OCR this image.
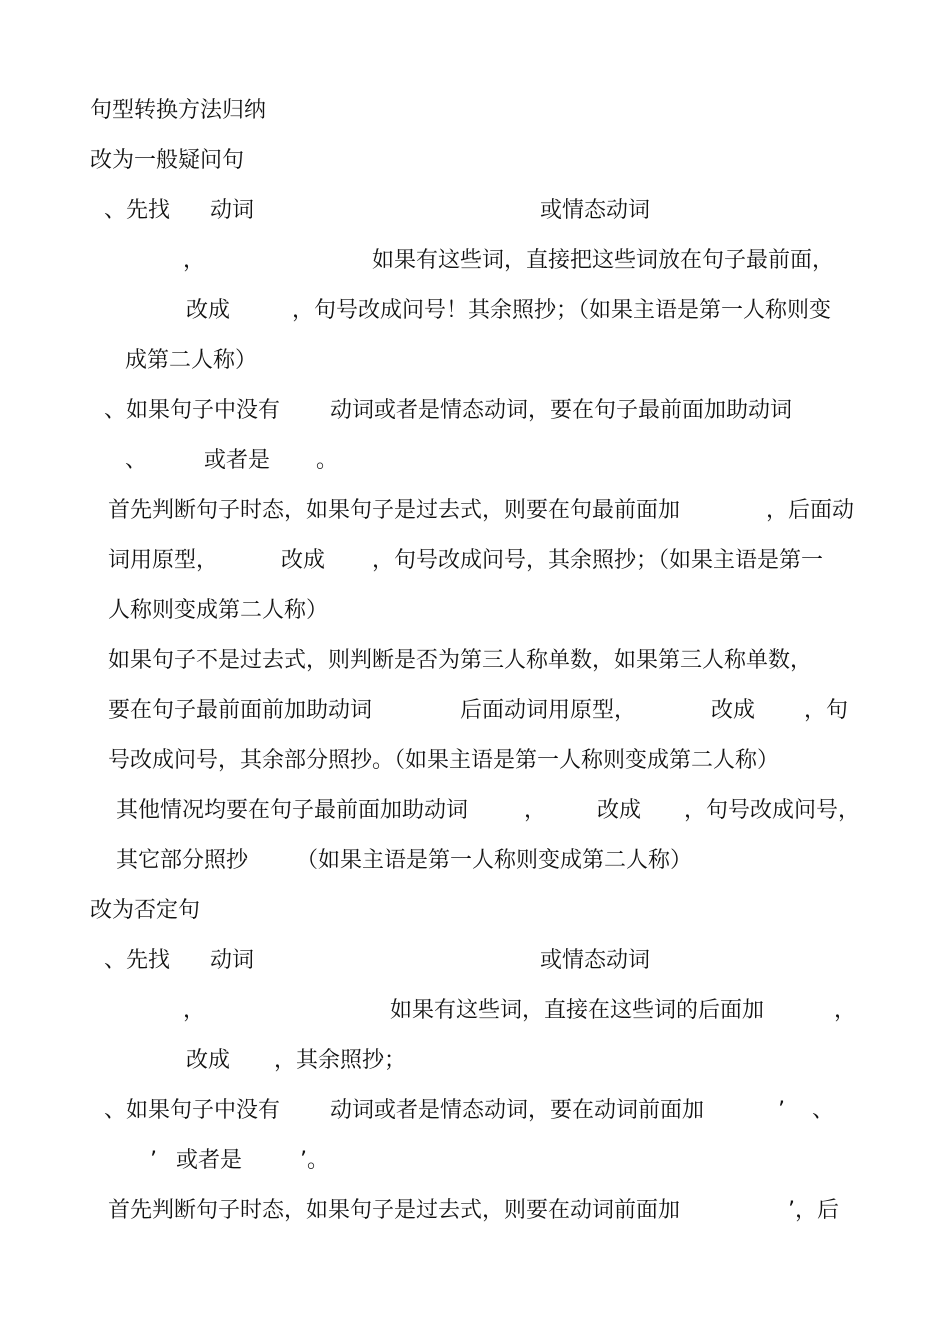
句型转换方法归纳
改为一般疑问句
、先找 动词	或情态动词
，	如果有这些词，直接把这些词放在句子最前面，
改成	，句号改成问号！其余照抄；（如果主语是第一人称则变
成第二人称）
、如果句子中没有 动词或者是情态动词，要在句子最前面加助动词
、	或者是 。
首先判断句子时态，如果句子是过去式，则要在句最前面加	，后面动
词用原型，	改成 ，句号改成问号，其余照抄；（如果主语是第一
人称则变成第二人称）
如果句子不是过去式，则判断是否为第三人称单数，如果第三人称单数，
要在句子最前面前加助动词	后面动词用原型，	改成 ，句
号改成问号，其余部分照抄。（如果主语是第一人称则变成第二人称）
其他情况均要在句子最前面加助动词	， 改成 ，句号改成问号，
其它部分照抄 （如果主语是第一人称则变成第二人称）
改为否定句
、先找 动词	或情态动词
，	如果有这些词，直接在这些词的后面加	，
改成 ，其余照抄；
、如果句子中没有 动词或者是情态动词，要在动词前面加	’ 、
’ 或者是	’。
首先判断句子时态，如果句子是过去式，则要在动词前面加	’，后
